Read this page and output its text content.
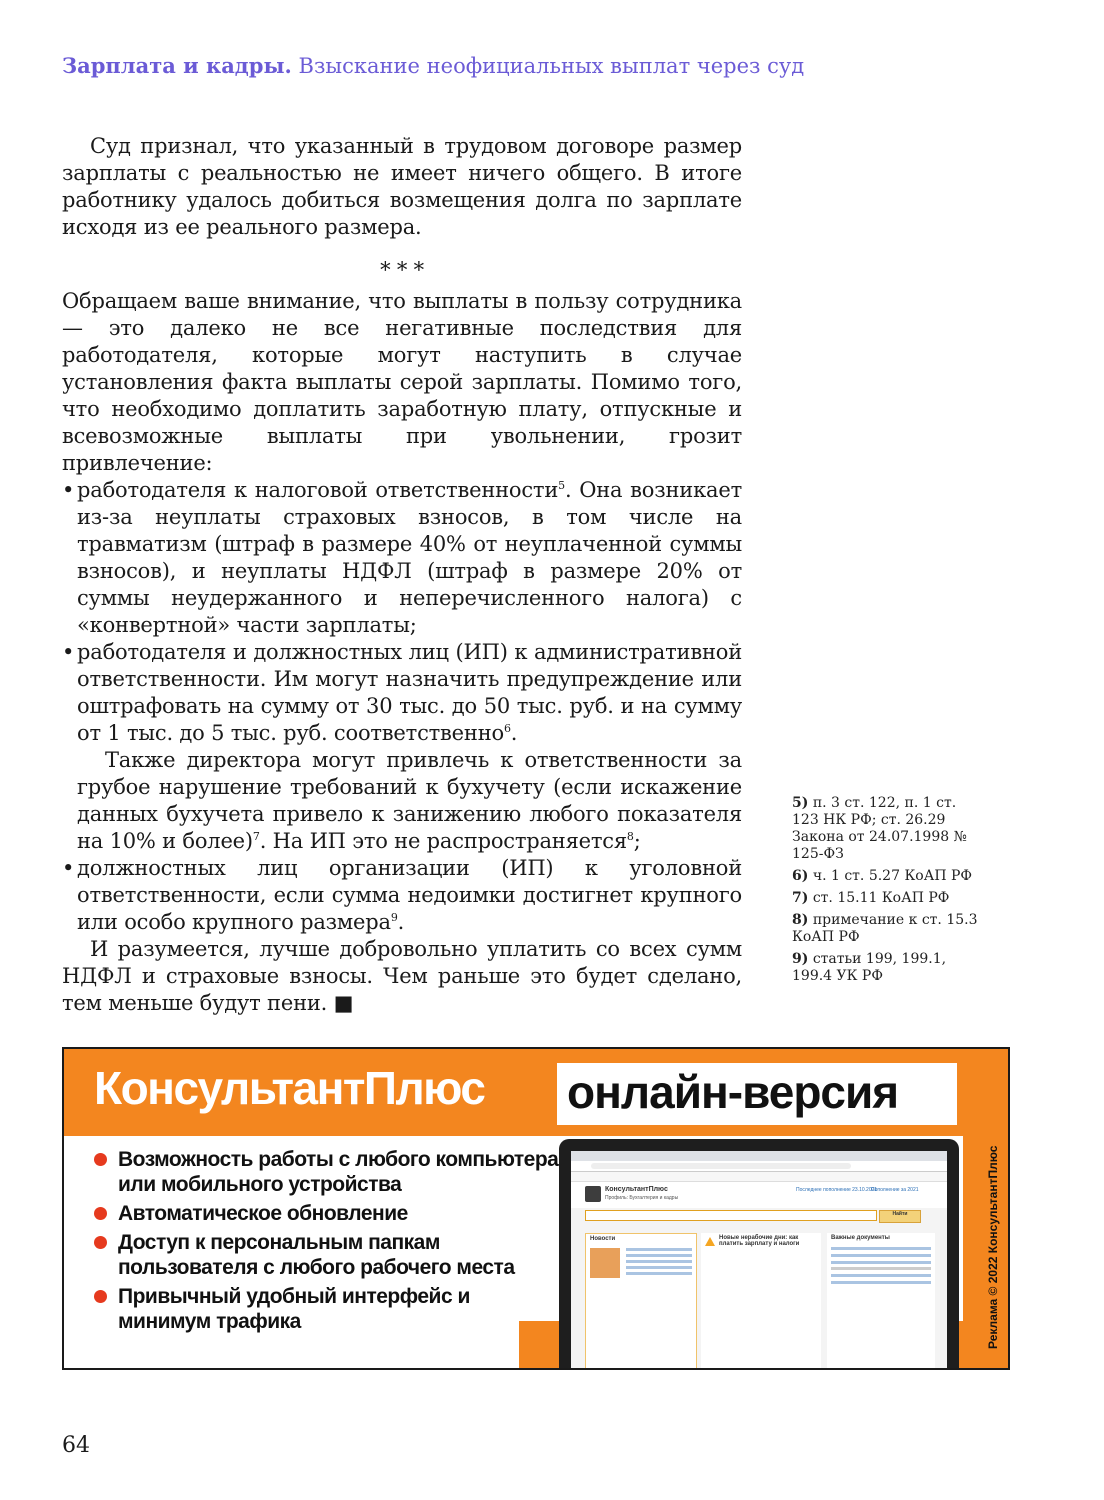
Зарплата и кадры. Взыскание неофициальных выплат через суд

Суд признал, что указанный в трудовом договоре размер зарплаты с реальностью не имеет ничего общего. В итоге работнику удалось добиться возмещения долга по зарплате исходя из ее реального размера.

* * *

Обращаем ваше внимание, что выплаты в пользу сотрудника — это далеко не все негативные последствия для работодателя, которые могут наступить в случае установления факта выплаты серой зарплаты. Помимо того, что необходимо доплатить заработную плату, отпускные и всевозможные выплаты при увольнении, грозит привлечение:

• работодателя к налоговой ответственности$^5$. Она возникает из-за неуплаты страховых взносов, в том числе на травматизм (штраф в размере 40% от неуплаченной суммы взносов), и неуплаты НДФЛ (штраф в размере 20% от суммы неудержанного и неперечисленного налога) с «конвертной» части зарплаты;
• работодателя и должностных лиц (ИП) к административной ответственности. Им могут назначить предупреждение или оштрафовать на сумму от 30 тыс. до 50 тыс. руб. и на сумму от 1 тыс. до 5 тыс. руб. соответственно$^6$.

Также директора могут привлечь к ответственности за грубое нарушение требований к бухучету (если искажение данных бухучета привело к занижению любого показателя на 10% и более)$^7$. На ИП это не распространяется$^8$;

• должностных лиц организации (ИП) к уголовной ответственности, если сумма недоимки достигнет крупного или особо крупного размера$^9$.

И разумеется, лучше добровольно уплатить со всех сумм НДФЛ и страховые взносы. Чем раньше это будет сделано, тем меньше будут пени. ■

5) п. 3 ст. 122, п. 1 ст. 123 НК РФ; ст. 26.29 Закона от 24.07.1998 № 125-ФЗ
6) ч. 1 ст. 5.27 КоАП РФ
7) ст. 15.11 КоАП РФ
8) примечание к ст. 15.3 КоАП РФ
9) статьи 199, 199.1, 199.4 УК РФ
КонсультантПлюс онлайн-версия
Возможность работы с любого компьютера или мобильного устройства
Автоматическое обновление
Доступ к персональным папкам пользователя с любого рабочего места
Привычный удобный интерфейс и минимум трафика
КонсультантПлюс
Профиль: Бухгалтерия и кадры
Последнее пополнение 23.10.2021
Пополнение за 2021
Найти
Новости	Новые нерабочие дни: как платить зарплату и налоги
Важные документы	Реклама © 2022 КонсультантПлюс
64
